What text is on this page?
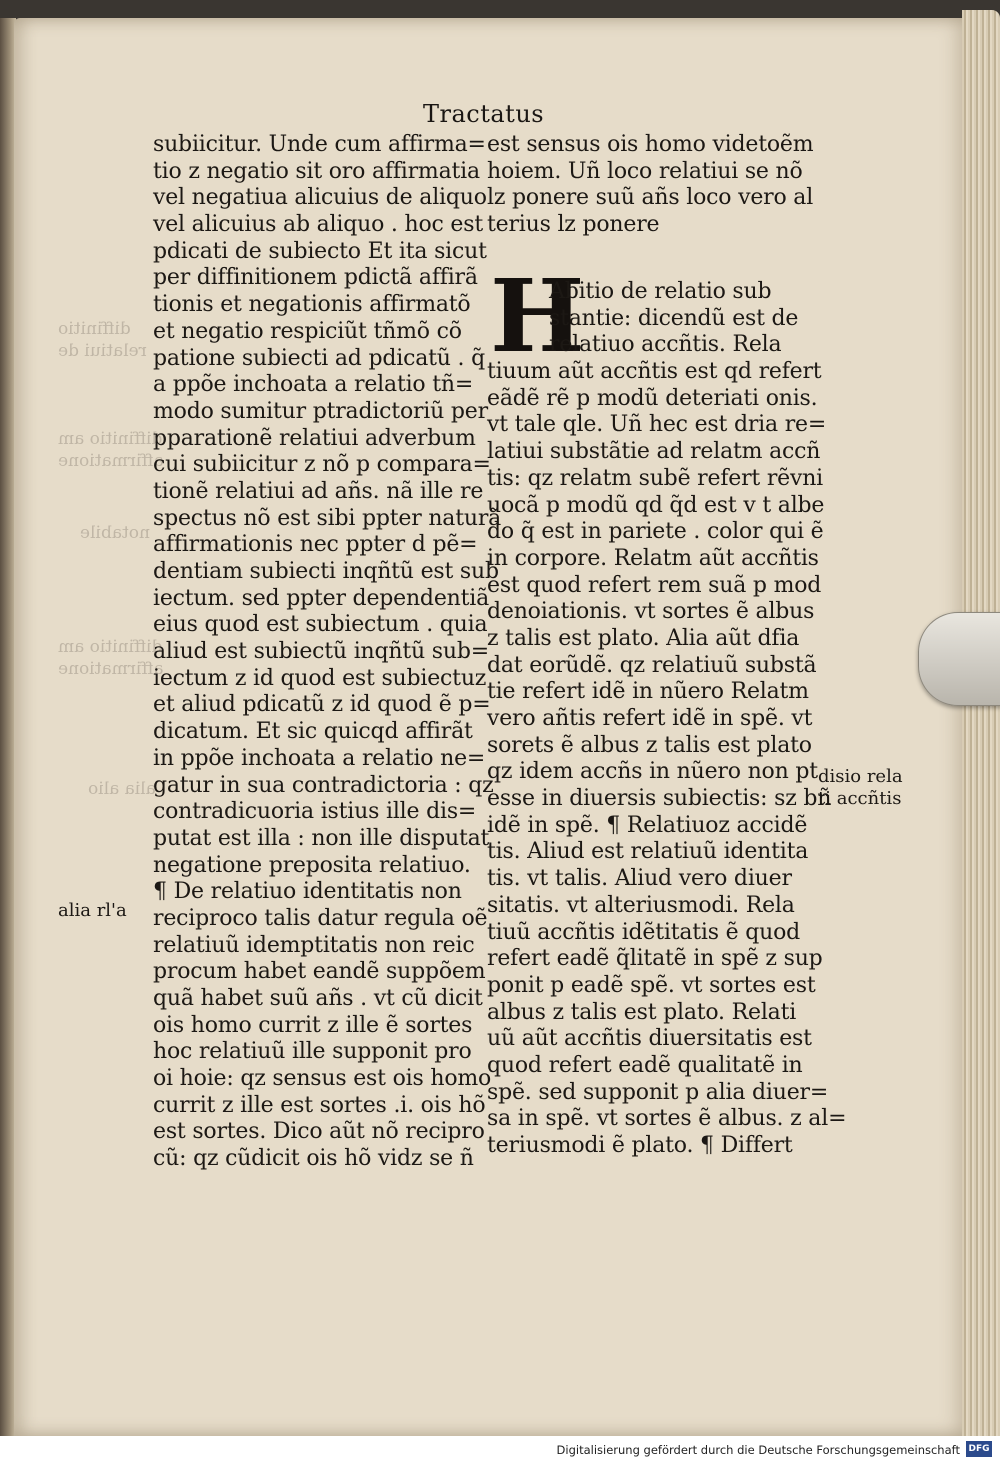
diffinitio
relatiui de
diffinitio am
affirmatione
notabile
diffinitio am
affirmatione
alia alio
Tractatus
subiicitur. Unde cum affirma=
tio z negatio sit oro affirmatia
vel negatiua alicuius de aliquo
vel alicuius ab aliquo . hoc est
pdicati de subiecto Et ita sicut
per diffinitionem pdictã affirã
tionis et negationis affirmatõ
et negatio respiciũt tñmõ cõ
patione subiecti ad pdicatũ . q̃
a ppõe inchoata a relatio tñ=
modo sumitur ptradictoriũ per
pparationẽ relatiui adverbum
cui subiicitur z nõ p compara=
tionẽ relatiui ad añs. nã ille re
spectus nõ est sibi ppter naturã
affirmationis nec ppter d pẽ=
dentiam subiecti inqñtũ est sub
iectum. sed ppter dependentiã
eius quod est subiectum . quia
aliud est subiectũ inqñtũ sub=
iectum z id quod est subiectuz
et aliud pdicatũ z id quod ẽ p=
dicatum. Et sic quicqd affirãt
in ppõe inchoata a relatio ne=
gatur in sua contradictoria : qz
contradicuoria istius ille dis=
putat est illa : non ille disputat
negatione preposita relatiuo.
¶ De relatiuo identitatis non
reciproco talis datur regula oẽ
relatiuũ idemptitatis non reic
procum habet eandẽ suppõem
quã habet suũ añs . vt cũ dicit
ois homo currit z ille ẽ sortes
hoc relatiuũ ille supponit pro
oi hoie: qz sensus est ois homo
currit z ille est sortes .i. ois hõ
est sortes. Dico aũt nõ recipro
cũ: qz cũdicit ois hõ vidz se ñ
est sensus ois homo videtoẽm
hoiem. Uñ loco relatiui se nõ
lz ponere suũ añs loco vero al
terius lz ponere
H
Abitio de relatio sub
stantie: dicendũ est de
relatiuo accñtis. Rela
tiuum aũt accñtis est qd refert
eãdẽ rẽ p modũ deteriati onis.
vt tale qle. Uñ hec est dria re=
latiui substãtie ad relatm accñ
tis: qz relatm subẽ refert rẽvni
uocã p modũ qd q̃d est v t albe
do q̃ est in pariete . color qui ẽ
in corpore. Relatm aũt accñtis
est quod refert rem suã p mod
denoiationis. vt sortes ẽ albus
z talis est plato. Alia aũt dfia
dat eorũdẽ. qz relatiuũ substã
tie refert idẽ in nũero Relatm
vero añtis refert idẽ in spẽ. vt
sorets ẽ albus z talis est plato
qz idem accñs in nũero non pt
esse in diuersis subiectis: sz bñ
idẽ in spẽ. ¶ Relatiuoz accidẽ
tis. Aliud est relatiuũ identita
tis. vt talis. Aliud vero diuer
sitatis. vt alteriusmodi. Rela
tiuũ accñtis idẽtitatis ẽ quod
refert eadẽ q̃litatẽ in spẽ z sup
ponit p eadẽ spẽ. vt sortes est
albus z talis est plato. Relati
uũ aũt accñtis diuersitatis est
quod refert eadẽ qualitatẽ in
spẽ. sed supponit p alia diuer=
sa in spẽ. vt sortes ẽ albus. z al=
teriusmodi ẽ plato. ¶ Differt
disio rela
ti accñtis
alia rl'a
Digitalisierung gefördert durch die Deutsche Forschungsgemeinschaft DFG
